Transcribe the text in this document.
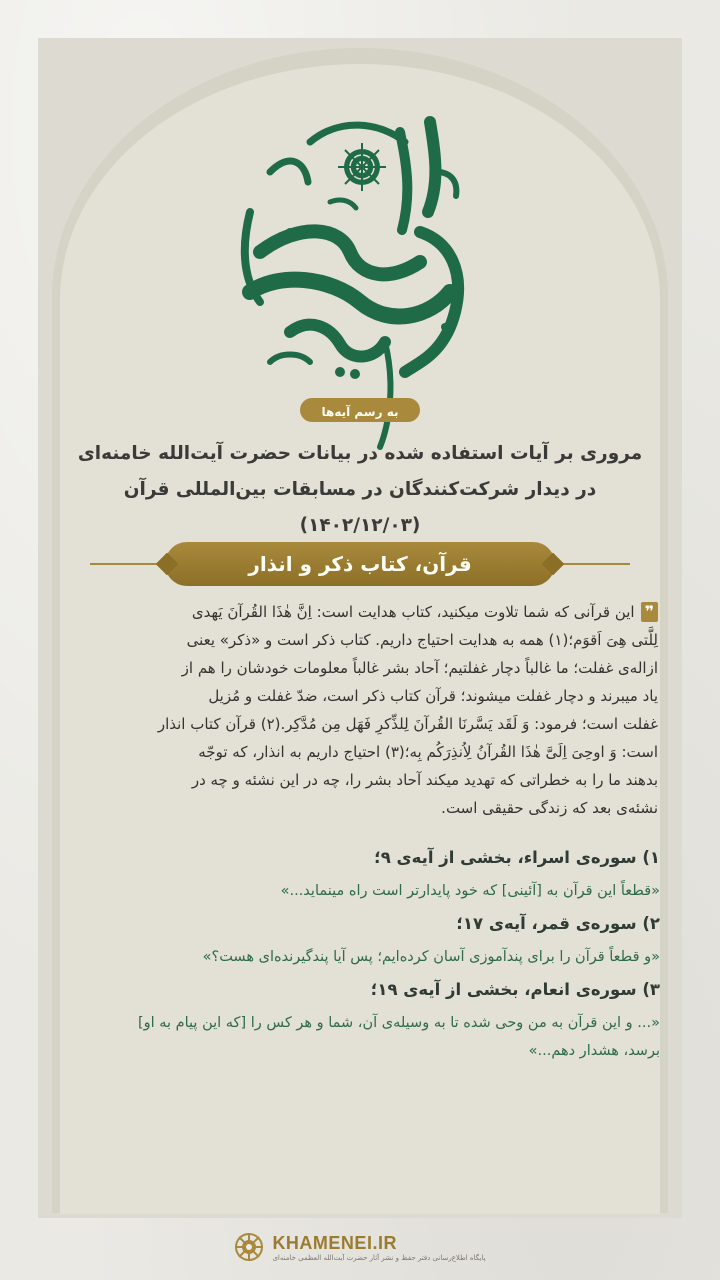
به رسم آیه‌ها
مروری بر آیات استفاده شده در بیانات حضرت آیت‌الله خامنه‌ای
در دیدار شرکت‌کنندگان در مسابقات بین‌المللی قرآن
(۱۴۰۲/۱۲/۰۳)
قرآن، کتاب ذکر و انذار
❞این قرآنی که شما تلاوت میکنید، کتاب هدایت است: اِنَّ هٰذَا القُرآنَ یَهدی
لِلَّتی هِیَ اَقوَم؛(۱) همه به هدایت احتیاج داریم. کتاب ذکر است و «ذکر» یعنی
ازاله‌ی غفلت؛ ما غالباً دچار غفلتیم؛ آحاد بشر غالباً معلومات خودشان را هم از
یاد میبرند و دچار غفلت میشوند؛ قرآن کتاب ذکر است، ضدّ غفلت و مُزیل
غفلت است؛ فرمود: وَ لَقَد یَسَّرنَا القُرآنَ لِلذِّکرِ فَهَل مِن مُدَّکِر.(۲) قرآن کتاب انذار
است: وَ اوحِیَ اِلَیَّ هٰذَا القُرآنُ لِاُنذِرَکُم بِه؛(۳) احتیاج داریم به انذار، که توجّه
بدهند ما را به خطراتی که تهدید میکند آحاد بشر را، چه در این نشئه و چه در
نشئه‌ی بعد که زندگی حقیقی است.
۱) سوره‌ی اسراء، بخشی از آیه‌ی ۹؛
«قطعاً این قرآن به [آئینی] که خود پایدارتر است راه مینماید...»
۲) سوره‌ی قمر، آیه‌ی ۱۷؛
«و قطعاً قرآن را برای پندآموزی آسان کرده‌ایم؛ پس آیا پندگیرنده‌ای هست؟»
۳) سوره‌ی انعام، بخشی از آیه‌ی ۱۹؛
«... و این قرآن به من وحی شده تا به وسیله‌ی آن، شما و هر کس را [که این پیام به او]
برسد، هشدار دهم...»
KHAMENEI.IR
پایگاه اطلاع‌رسانی دفتر حفظ و نشر آثار حضرت آیت‌الله العظمی خامنه‌ای
